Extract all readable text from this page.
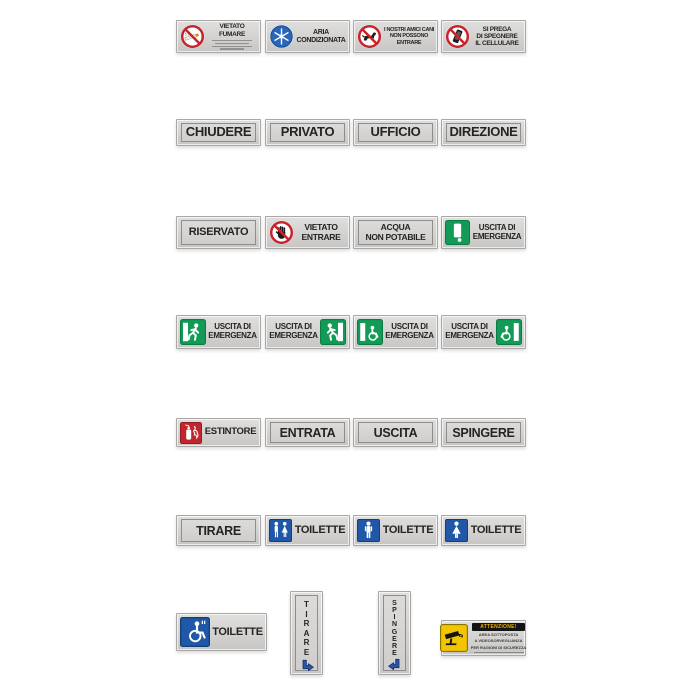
VIETATO FUMARE	ARIA
CONDIZIONATA
I NOSTRI AMICI CANI
NON POSSONO
ENTRARE
SI PREGA
DI SPEGNERE
IL CELLULARE
CHIUDERE PRIVATO	UFFICIO DIREZIONE
RISERVATO	VIETATO
ENTRARE
ACQUA
NON POTABILE
USCITA DI
EMERGENZA
USCITA DI
EMERGENZA
USCITA DI
EMERGENZA
USCITA DI
EMERGENZA
USCITA DI
EMERGENZA
ESTINTORE ENTRATA	USCITA	SPINGERE
TIRARE	TOILETTE	TOILETTE	TOILETTE
TOILETTE
T
I
R
A
R
E
S
P
I
N
G
E
R
E
ATTENZIONE!
AREA SOTTOPOSTA
A VIDEOSORVEGLIANZA
PER RAGIONI DI SICUREZZA
